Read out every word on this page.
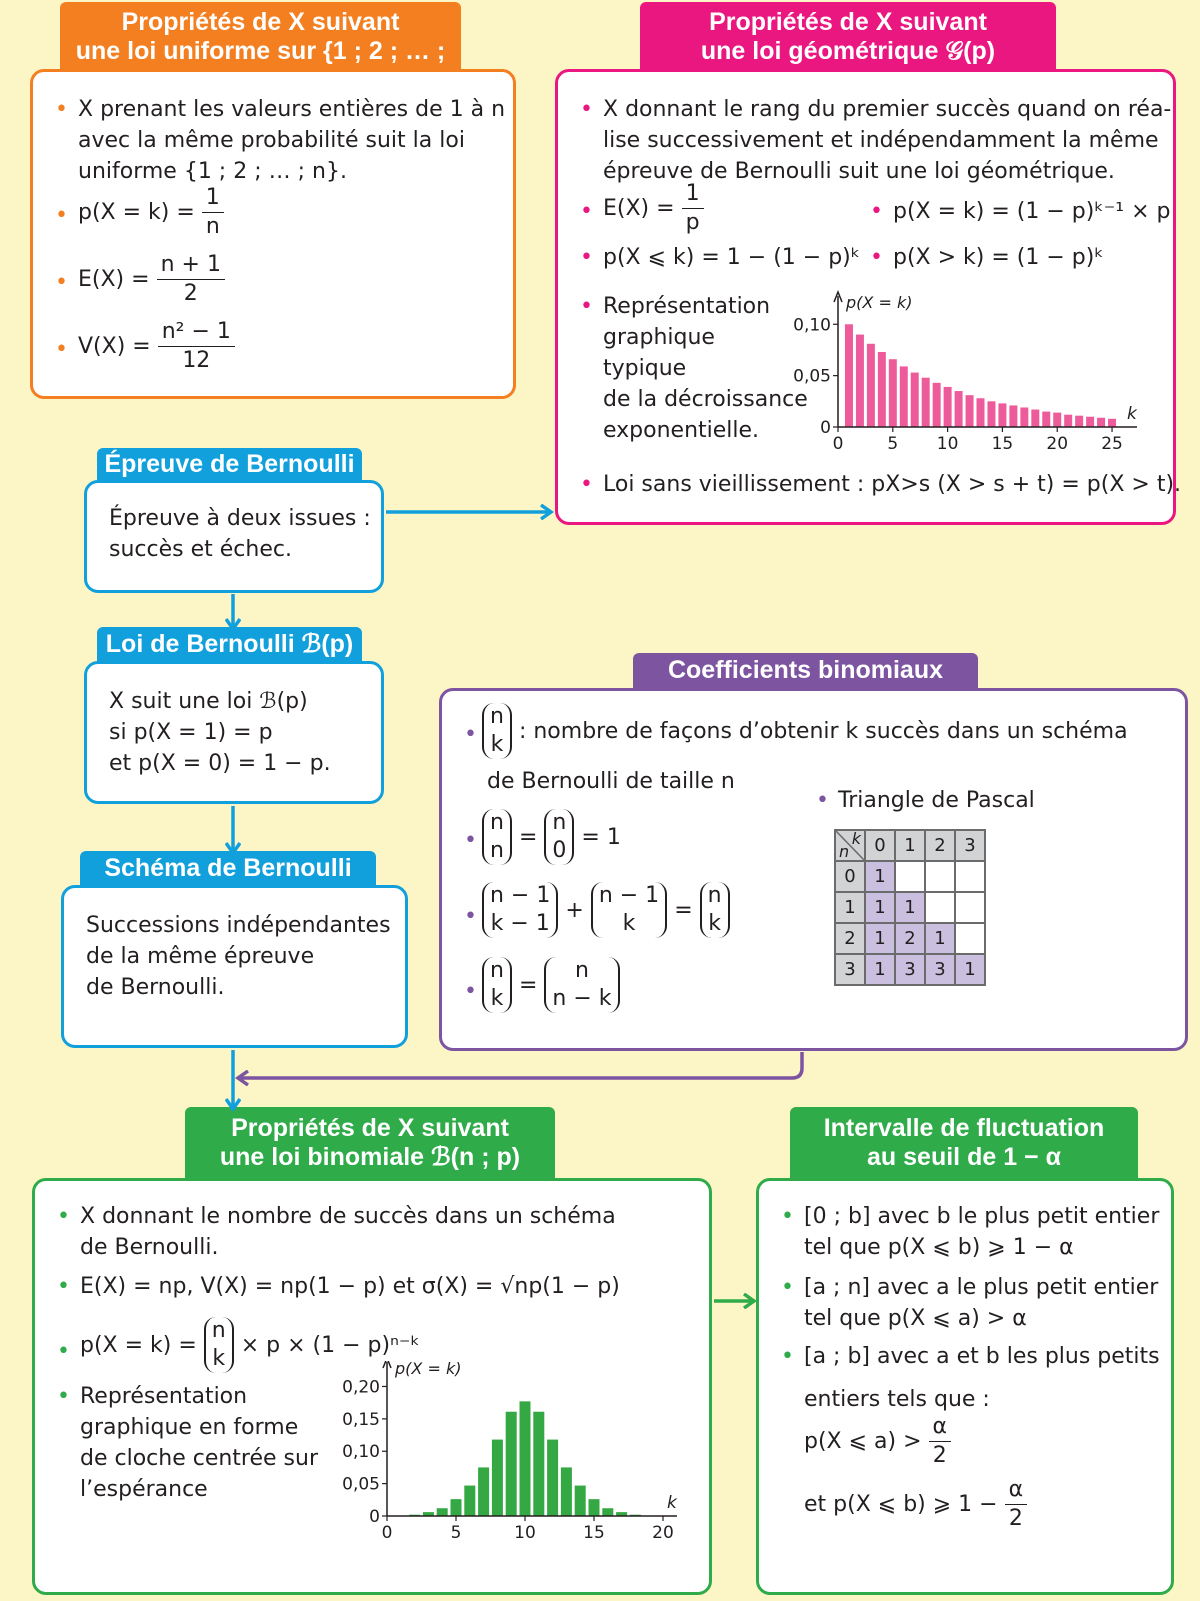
Propriétés de X suivant
une loi uniforme sur {1 ; 2 ; … ;
• X prenant les valeurs entières de 1 à n
avec la même probabilité suit la loi
uniforme {1 ; 2 ; … ; n}.
• $p(X = k) = \frac{1}{n}$
• $E(X) = \frac{n + 1}{2}$
• $V(X) = \frac{\text{n² − 1}}{12}$
Propriétés de X suivant
une loi géométrique 𝒢(p)
• X donnant le rang du premier succès quand on réa-
lise successivement et indépendamment la même
épreuve de Bernoulli suit une loi géométrique.
• $E(X) = \frac{1}{p}$	• p(X = k) = (1 − p)ᵏ⁻¹ × p
• p(X ⩽ k) = 1 − (1 − p)ᵏ • p(X > k) = (1 − p)ᵏ
• Représentation
graphique
typique
de la décroissance
exponentielle.
0	5 10 15 20 25
0
0,05
0,10
p(X = k)
k
• Loi sans vieillissement : pX>s (X > s + t) = p(X > t).
Épreuve de Bernoulli
Épreuve à deux issues :
succès et échec.
Loi de Bernoulli ℬ(p)
X suit une loi ℬ(p)
si p(X = 1) = p
et p(X = 0) = 1 − p.
Schéma de Bernoulli
Successions indépendantes
de la même épreuve
de Bernoulli.
Coefficients binomiaux
•
n
k
: nombre de façons d’obtenir k succès dans un schéma
de Bernoulli de taille n
•
n
n
=
n
0
= 1
•
n − 1
k − 1
+
n − 1
k
=
n
k
•
n
k
=
n
n − k
• Triangle de Pascal
k
n	0	1	2	3
0	1			
1	1	1		
2	1	2	1	
3	1	3	3	1
Propriétés de X suivant
une loi binomiale ℬ(n ; p)
• X donnant le nombre de succès dans un schéma
de Bernoulli.
• E(X) = np, V(X) = np(1 − p) et σ(X) = √np(1 − p)
• p(X = k) =
n
k
× p × (1 − p)ⁿ⁻ᵏ
• Représentation
graphique en forme
de cloche centrée sur
l’espérance
0	5	10	15	20
0
0,05
0,10
0,15
0,20
p(X = k)
k
Intervalle de fluctuation
au seuil de 1 − α
• [0 ; b] avec b le plus petit entier
tel que p(X ⩽ b) ⩾ 1 − α
• [a ; n] avec a le plus petit entier
tel que p(X ⩽ a) > α
• [a ; b] avec a et b les plus petits
entiers tels que :
p(X ⩽ $a) > \frac{\alpha}{2}$
et p(X ⩽ b) ⩾ $1 - \frac{\alpha}{2}$
